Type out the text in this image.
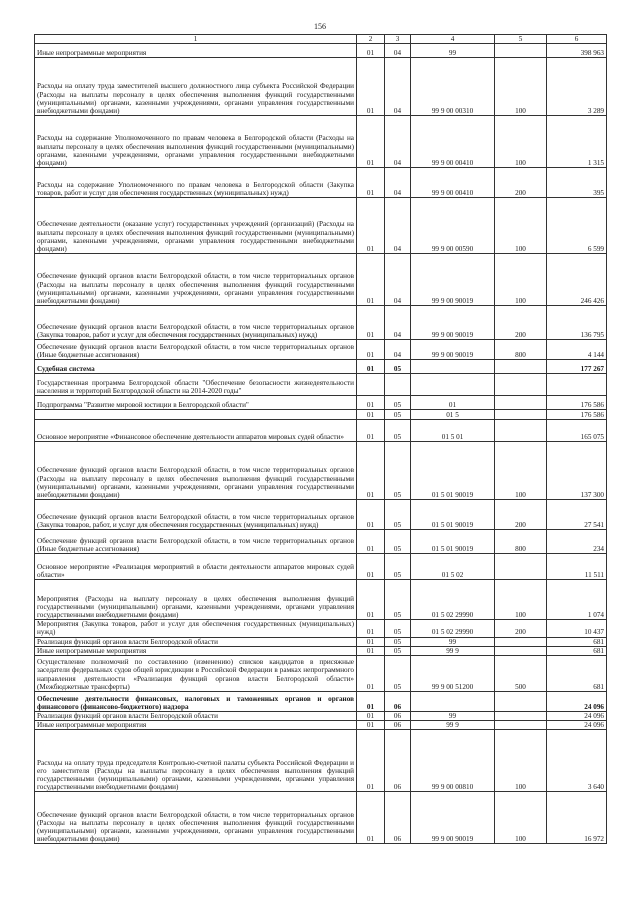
156
1	2	3	4	5	6
Иные непрограммные мероприятия	01	04	99		398 963
Расходы на оплату труда заместителей высшего должностного лица субъекта Российской Федерации (Расходы на выплаты персоналу в целях обеспечения выполнения функций государственными (муниципальными) органами, казенными учреждениями, органами управления государственными внебюджетными фондами)	01	04	99 9 00 00310	100	3 289
Расходы на содержание Уполномоченного по правам человека в Белгородской области (Расходы на выплаты персоналу в целях обеспечения выполнения функций государственными (муниципальными) органами, казенными учреждениями, органами управления государственными внебюджетными фондами)	01	04	99 9 00 00410	100	1 315
Расходы на содержание Уполномоченного по правам человека в Белгородской области (Закупка товаров, работ и услуг для обеспечения государственных (муниципальных) нужд)	01	04	99 9 00 00410	200	395
Обеспечение деятельности (оказание услуг) государственных учреждений (организаций) (Расходы на выплаты персоналу в целях обеспечения выполнения функций государственными (муниципальными) органами, казенными учреждениями, органами управления государственными внебюджетными фондами)	01	04	99 9 00 00590	100	6 599
Обеспечение функций органов власти Белгородской области, в том числе территориальных органов (Расходы на выплаты персоналу в целях обеспечения выполнения функций государственными (муниципальными) органами, казенными учреждениями, органами управления государственными внебюджетными фондами)	01	04	99 9 00 90019	100	246 426
Обеспечение функций органов власти Белгородской области, в том числе территориальных органов (Закупка товаров, работ и услуг для обеспечения государственных (муниципальных) нужд)	01	04	99 9 00 90019	200	136 795
Обеспечение функций органов власти Белгородской области, в том числе территориальных органов (Иные бюджетные ассигнования)	01	04	99 9 00 90019	800	4 144
Судебная система	01	05			177 267
Государственная программа Белгородской области "Обеспечение безопасности жизнедеятельности населения и территорий Белгородской области на 2014-2020 годы"					
Подпрограмма "Развитие мировой юстиции в Белгородской области"	01	05	01		176 586
	01	05	01 5		176 586
Основное мероприятие «Финансовое обеспечение деятельности аппаратов мировых судей области»	01	05	01 5 01		165 075
Обеспечение функций органов власти Белгородской области, в том числе территориальных органов (Расходы на выплату персоналу в целях обеспечения выполнения функций государственными (муниципальными) органами, казенными учреждениями, органами управления государственными внебюджетными фондами)	01	05	01 5 01 90019	100	137 300
Обеспечение функций органов власти Белгородской области, в том числе территориальных органов (Закупка товаров, работ, и услуг для обеспечения государственных (муниципальных) нужд)	01	05	01 5 01 90019	200	27 541
Обеспечение функций органов власти Белгородской области, в том числе территориальных органов (Иные бюджетные ассигнования)	01	05	01 5 01 90019	800	234
Основное мероприятие «Реализация мероприятий в области деятельности аппаратов мировых судей области»	01	05	01 5 02		11 511
Мероприятия (Расходы на выплату персоналу в целях обеспечения выполнения функций государственными (муниципальными) органами, казенными учреждениями, органами управления государственными внебюджетными фондами)	01	05	01 5 02 29990	100	1 074
Мероприятия (Закупка товаров, работ и услуг для обеспечения государственных (муниципальных) нужд)	01	05	01 5 02 29990	200	10 437
Реализация функций органов власти Белгородской области	01	05	99		681
Иные непрограммные мероприятия	01	05	99 9		681
Осуществление полномочий по составлению (изменению) списков кандидатов в присяжные заседатели федеральных судов общей юрисдикции в Российской Федерации в рамках непрограммного направления деятельности «Реализация функций органов власти Белгородской области» (Межбюджетные трансферты)	01	05	99 9 00 51200	500	681
Обеспечение деятельности финансовых, налоговых и таможенных органов и органов финансового (финансово-бюджетного) надзора	01	06			24 096
Реализация функций органов власти Белгородской области	01	06	99		24 096
Иные непрограммные мероприятия	01	06	99 9		24 096
Расходы на оплату труда председателя Контрольно-счетной палаты субъекта Российской Федерации и его заместителя (Расходы на выплаты персоналу в целях обеспечения выполнения функций государственными (муниципальными) органами, казенными учреждениями, органами управления государственными внебюджетными фондами)	01	06	99 9 00 00810	100	3 640
Обеспечение функций органов власти Белгородской области, в том числе территориальных органов (Расходы на выплаты персоналу в целях обеспечения выполнения функций государственными (муниципальными) органами, казенными учреждениями, органами управления государственными внебюджетными фондами)	01	06	99 9 00 90019	100	16 972
